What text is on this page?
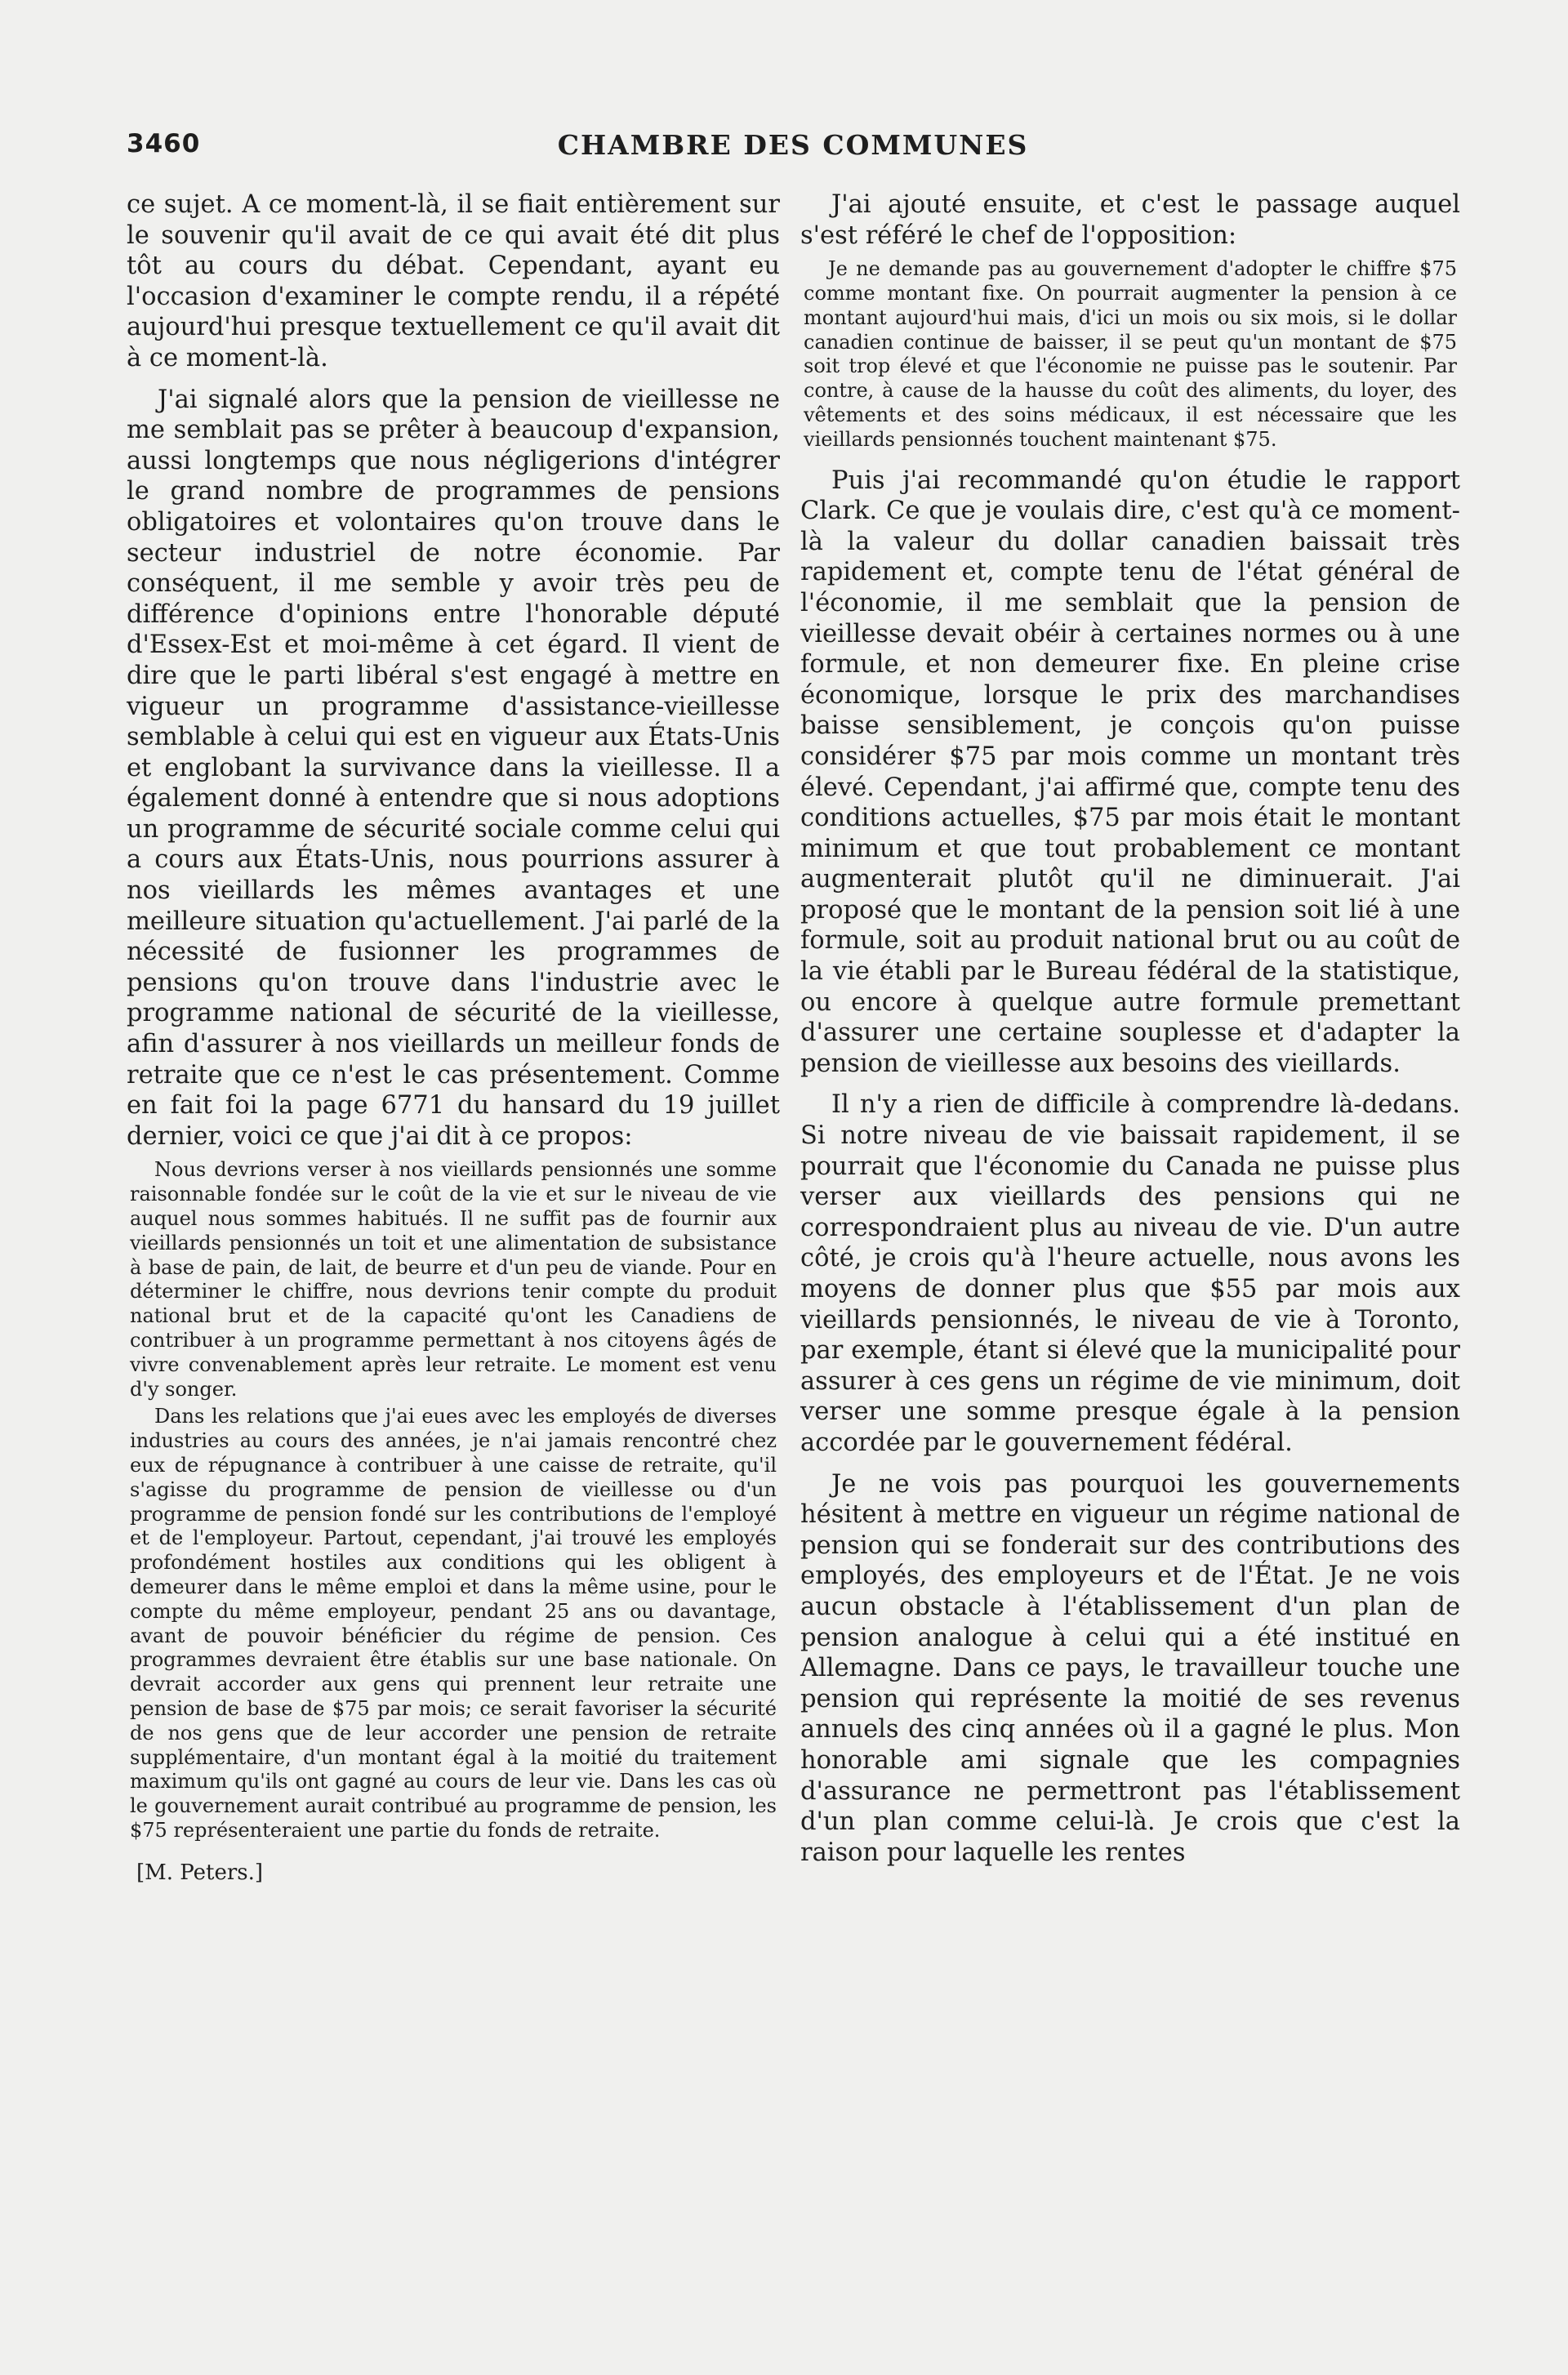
3460	CHAMBRE DES COMMUNES

ce sujet. A ce moment-là, il se fiait entièrement sur le souvenir qu'il avait de ce qui avait été dit plus tôt au cours du débat. Cependant, ayant eu l'occasion d'examiner le compte rendu, il a répété aujourd'hui presque textuellement ce qu'il avait dit à ce moment-là.

J'ai signalé alors que la pension de vieillesse ne me semblait pas se prêter à beaucoup d'expansion, aussi longtemps que nous négligerions d'intégrer le grand nombre de programmes de pensions obligatoires et volontaires qu'on trouve dans le secteur industriel de notre économie. Par conséquent, il me semble y avoir très peu de différence d'opinions entre l'honorable député d'Essex-Est et moi-même à cet égard. Il vient de dire que le parti libéral s'est engagé à mettre en vigueur un programme d'assistance-vieillesse semblable à celui qui est en vigueur aux États-Unis et englobant la survivance dans la vieillesse. Il a également donné à entendre que si nous adoptions un programme de sécurité sociale comme celui qui a cours aux États-Unis, nous pourrions assurer à nos vieillards les mêmes avantages et une meilleure situation qu'actuellement. J'ai parlé de la nécessité de fusionner les programmes de pensions qu'on trouve dans l'industrie avec le programme national de sécurité de la vieillesse, afin d'assurer à nos vieillards un meilleur fonds de retraite que ce n'est le cas présentement. Comme en fait foi la page 6771 du hansard du 19 juillet dernier, voici ce que j'ai dit à ce propos:

Nous devrions verser à nos vieillards pensionnés une somme raisonnable fondée sur le coût de la vie et sur le niveau de vie auquel nous sommes habitués. Il ne suffit pas de fournir aux vieillards pensionnés un toit et une alimentation de subsistance à base de pain, de lait, de beurre et d'un peu de viande. Pour en déterminer le chiffre, nous devrions tenir compte du produit national brut et de la capacité qu'ont les Canadiens de contribuer à un programme permettant à nos citoyens âgés de vivre convenablement après leur retraite. Le moment est venu d'y songer.

Dans les relations que j'ai eues avec les employés de diverses industries au cours des années, je n'ai jamais rencontré chez eux de répugnance à contribuer à une caisse de retraite, qu'il s'agisse du programme de pension de vieillesse ou d'un programme de pension fondé sur les contributions de l'employé et de l'employeur. Partout, cependant, j'ai trouvé les employés profondément hostiles aux conditions qui les obligent à demeurer dans le même emploi et dans la même usine, pour le compte du même employeur, pendant 25 ans ou davantage, avant de pouvoir bénéficier du régime de pension. Ces programmes devraient être établis sur une base nationale. On devrait accorder aux gens qui prennent leur retraite une pension de base de $75 par mois; ce serait favoriser la sécurité de nos gens que de leur accorder une pension de retraite supplémentaire, d'un montant égal à la moitié du traitement maximum qu'ils ont gagné au cours de leur vie. Dans les cas où le gouvernement aurait contribué au programme de pension, les $75 représenteraient une partie du fonds de retraite.

[M. Peters.]

J'ai ajouté ensuite, et c'est le passage auquel s'est référé le chef de l'opposition:

Je ne demande pas au gouvernement d'adopter le chiffre $75 comme montant fixe. On pourrait augmenter la pension à ce montant aujourd'hui mais, d'ici un mois ou six mois, si le dollar canadien continue de baisser, il se peut qu'un montant de $75 soit trop élevé et que l'économie ne puisse pas le soutenir. Par contre, à cause de la hausse du coût des aliments, du loyer, des vêtements et des soins médicaux, il est nécessaire que les vieillards pensionnés touchent maintenant $75.

Puis j'ai recommandé qu'on étudie le rapport Clark. Ce que je voulais dire, c'est qu'à ce moment-là la valeur du dollar canadien baissait très rapidement et, compte tenu de l'état général de l'économie, il me semblait que la pension de vieillesse devait obéir à certaines normes ou à une formule, et non demeurer fixe. En pleine crise économique, lorsque le prix des marchandises baisse sensiblement, je conçois qu'on puisse considérer $75 par mois comme un montant très élevé. Cependant, j'ai affirmé que, compte tenu des conditions actuelles, $75 par mois était le montant minimum et que tout probablement ce montant augmenterait plutôt qu'il ne diminuerait. J'ai proposé que le montant de la pension soit lié à une formule, soit au produit national brut ou au coût de la vie établi par le Bureau fédéral de la statistique, ou encore à quelque autre formule premettant d'assurer une certaine souplesse et d'adapter la pension de vieillesse aux besoins des vieillards.

Il n'y a rien de difficile à comprendre là-dedans. Si notre niveau de vie baissait rapidement, il se pourrait que l'économie du Canada ne puisse plus verser aux vieillards des pensions qui ne correspondraient plus au niveau de vie. D'un autre côté, je crois qu'à l'heure actuelle, nous avons les moyens de donner plus que $55 par mois aux vieillards pensionnés, le niveau de vie à Toronto, par exemple, étant si élevé que la municipalité pour assurer à ces gens un régime de vie minimum, doit verser une somme presque égale à la pension accordée par le gouvernement fédéral.

Je ne vois pas pourquoi les gouvernements hésitent à mettre en vigueur un régime national de pension qui se fonderait sur des contributions des employés, des employeurs et de l'État. Je ne vois aucun obstacle à l'établissement d'un plan de pension analogue à celui qui a été institué en Allemagne. Dans ce pays, le travailleur touche une pension qui représente la moitié de ses revenus annuels des cinq années où il a gagné le plus. Mon honorable ami signale que les compagnies d'assurance ne permettront pas l'établissement d'un plan comme celui-là. Je crois que c'est la raison pour laquelle les rentes
